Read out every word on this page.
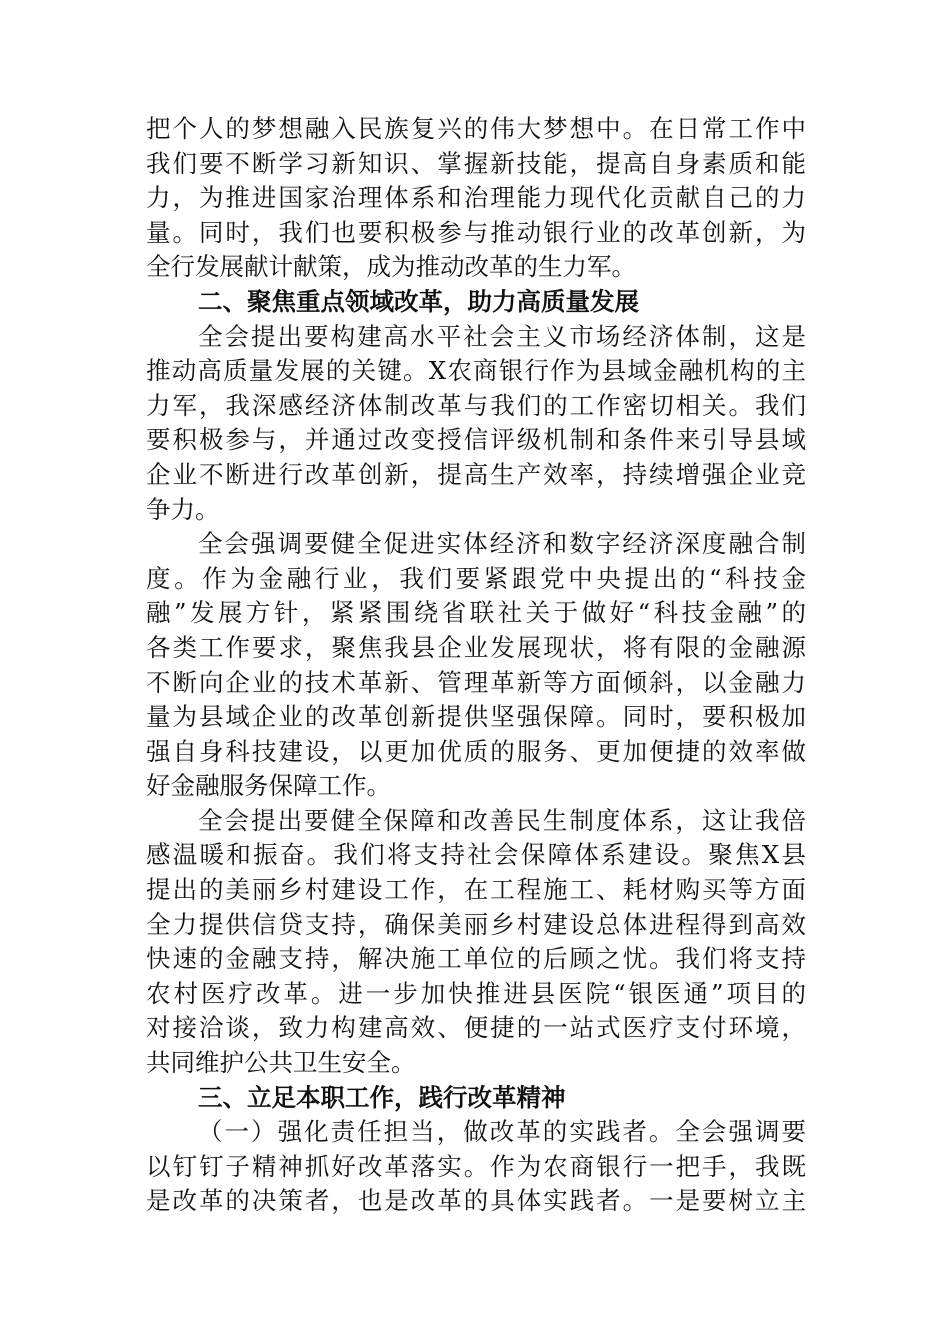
把个人的梦想融入民族复兴的伟大梦想中。在日常工作中
我们要不断学习新知识、掌握新技能，提高自身素质和能
力，为推进国家治理体系和治理能力现代化贡献自己的力
量。同时，我们也要积极参与推动银行业的改革创新，为
全行发展献计献策，成为推动改革的生力军。
二、聚焦重点领域改革，助力高质量发展
全会提出要构建高水平社会主义市场经济体制，这是
推动高质量发展的关键。X农商银行作为县域金融机构的主
力军，我深感经济体制改革与我们的工作密切相关。我们
要积极参与，并通过改变授信评级机制和条件来引导县域
企业不断进行改革创新，提高生产效率，持续增强企业竞
争力。
全会强调要健全促进实体经济和数字经济深度融合制
度。作为金融行业，我们要紧跟党中央提出的“科技金
融”发展方针，紧紧围绕省联社关于做好“科技金融”的
各类工作要求，聚焦我县企业发展现状，将有限的金融源
不断向企业的技术革新、管理革新等方面倾斜，以金融力
量为县域企业的改革创新提供坚强保障。同时，要积极加
强自身科技建设，以更加优质的服务、更加便捷的效率做
好金融服务保障工作。
全会提出要健全保障和改善民生制度体系，这让我倍
感温暖和振奋。我们将支持社会保障体系建设。聚焦X县
提出的美丽乡村建设工作，在工程施工、耗材购买等方面
全力提供信贷支持，确保美丽乡村建设总体进程得到高效
快速的金融支持，解决施工单位的后顾之忧。我们将支持
农村医疗改革。进一步加快推进县医院“银医通”项目的
对接洽谈，致力构建高效、便捷的一站式医疗支付环境，
共同维护公共卫生安全。
三、立足本职工作，践行改革精神
（一）强化责任担当，做改革的实践者。全会强调要
以钉钉子精神抓好改革落实。作为农商银行一把手，我既
是改革的决策者，也是改革的具体实践者。一是要树立主
